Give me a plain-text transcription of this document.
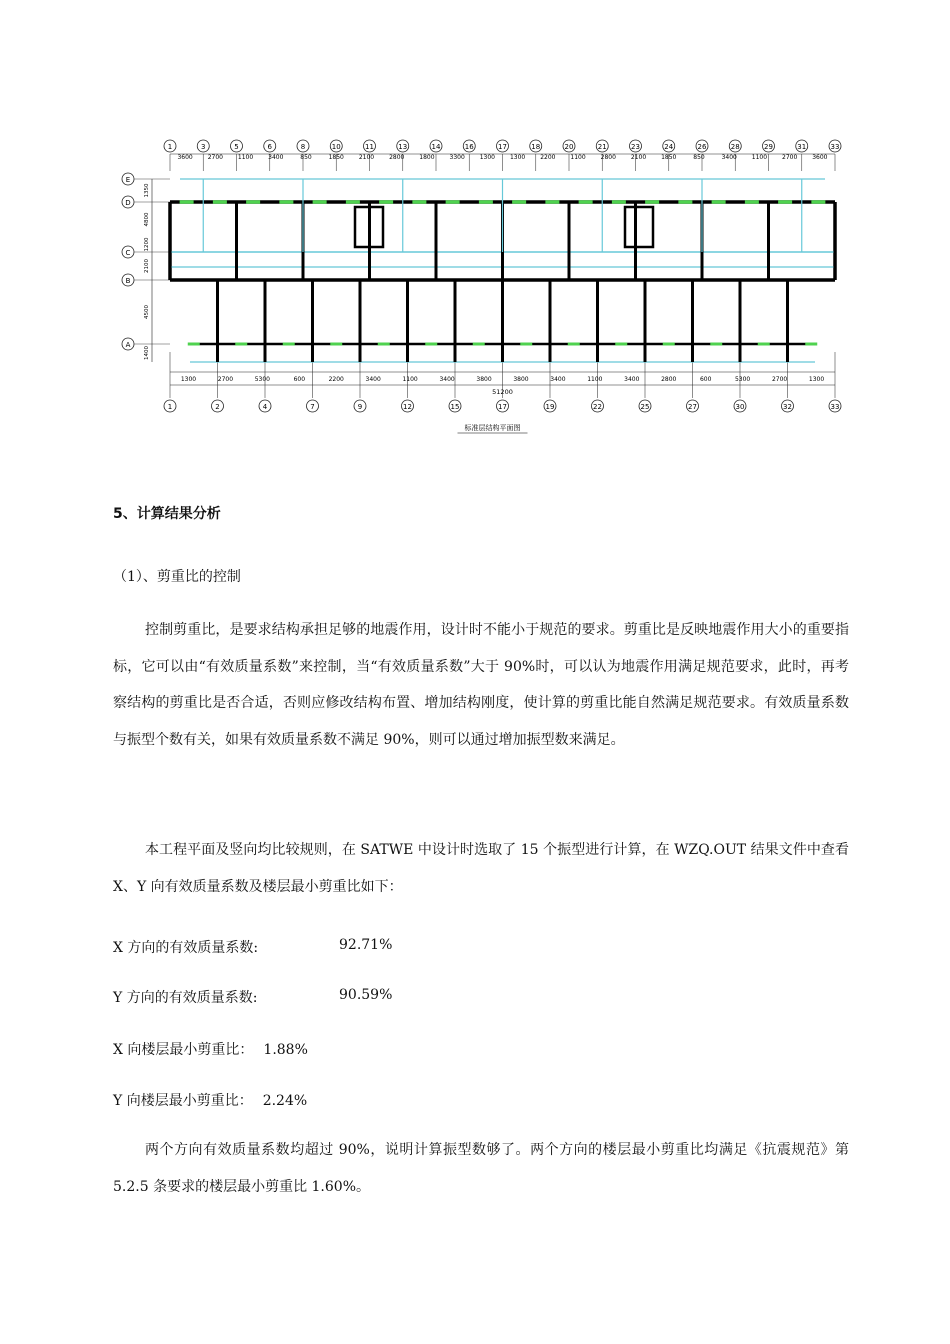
1	3	5	6	8	10	11	13	14	16	17	18	20	21	23	24	26	28	29	31	33
3600 2700 1100 3400	850	1850 2100 2800 1800 3300 1300 1300 2200 1100 2800 2100 1850	850	3400 1100 2700 3600
1	2	4	7	9	12	15	17	19	22	25	27	30	32	33
1300	2700	5300	600	2200	3400	1100	3400	3800	3800	3400	1100	3400	2800	600	5300	2700	1300
51200
E
D
C
B
A
1350
4800
1200
2100
4500
1400
标准层结构平面图
5、计算结果分析
（1）、剪重比的控制

控制剪重比，是要求结构承担足够的地震作用，设计时不能小于规范的要求。剪重比是反映地震作用大小的重要指标，它可以由“有效质量系数”来控制，当“有效质量系数”大于 90%时，可以认为地震作用满足规范要求，此时，再考察结构的剪重比是否合适，否则应修改结构布置、增加结构刚度，使计算的剪重比能自然满足规范要求。有效质量系数与振型个数有关，如果有效质量系数不满足 90%，则可以通过增加振型数来满足。

本工程平面及竖向均比较规则，在 SATWE 中设计时选取了 15 个振型进行计算，在 WZQ.OUT 结果文件中查看 X、Y 向有效质量系数及楼层最小剪重比如下：

X 方向的有效质量系数:	92.71%
Y 方向的有效质量系数:	90.59%
X 向楼层最小剪重比： 1.88%
Y 向楼层最小剪重比： 2.24%

两个方向有效质量系数均超过 90%，说明计算振型数够了。两个方向的楼层最小剪重比均满足《抗震规范》第 5.2.5 条要求的楼层最小剪重比 1.60%。
